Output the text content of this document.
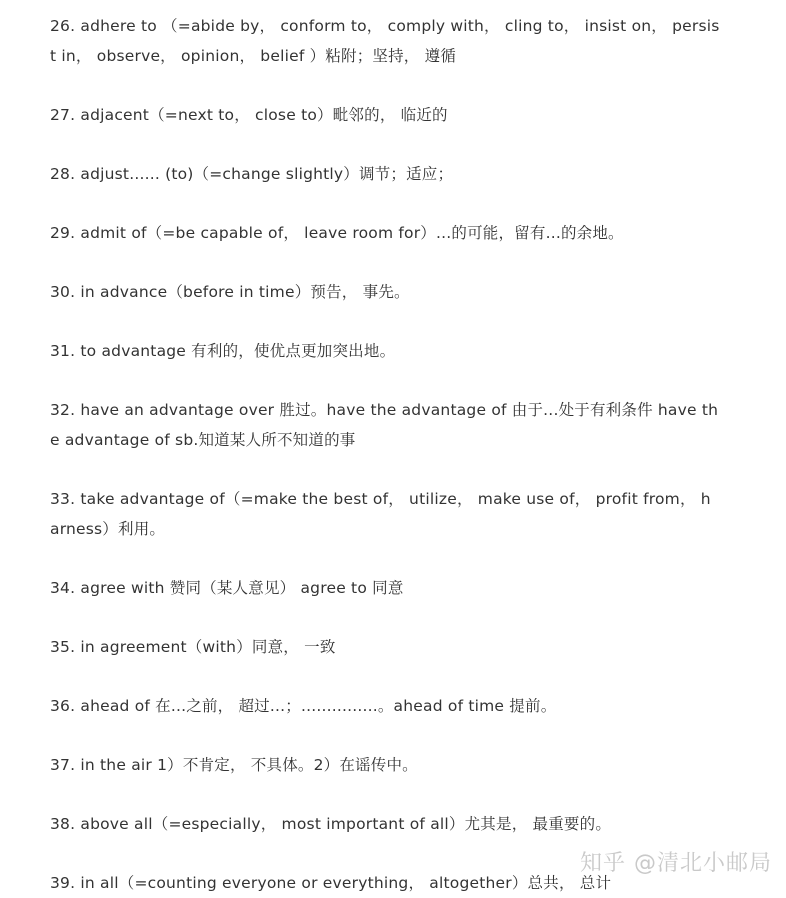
26. adhere to （=abide by， conform to， comply with， cling to， insist on， persist in， observe， opinion， belief ）粘附；坚持， 遵循
27. adjacent（=next to， close to）毗邻的， 临近的
28. adjust...... (to)（=change slightly）调节；适应；
29. admit of（=be capable of， leave room for）...的可能，留有...的余地。
30. in advance（before in time）预告， 事先。
31. to advantage 有利的，使优点更加突出地。
32. have an advantage over 胜过。have the advantage of 由于...处于有利条件 have the advantage of sb.知道某人所不知道的事
33. take advantage of（=make the best of， utilize， make use of， profit from， harness）利用。
34. agree with 赞同（某人意见） agree to 同意
35. in agreement（with）同意， 一致
36. ahead of 在...之前， 超过...；...............。ahead of time 提前。
37. in the air 1）不肯定， 不具体。2）在谣传中。
38. above all（=especially， most important of all）尤其是， 最重要的。
39. in all（=counting everyone or everything， altogether）总共， 总计
知乎 @清北小邮局
